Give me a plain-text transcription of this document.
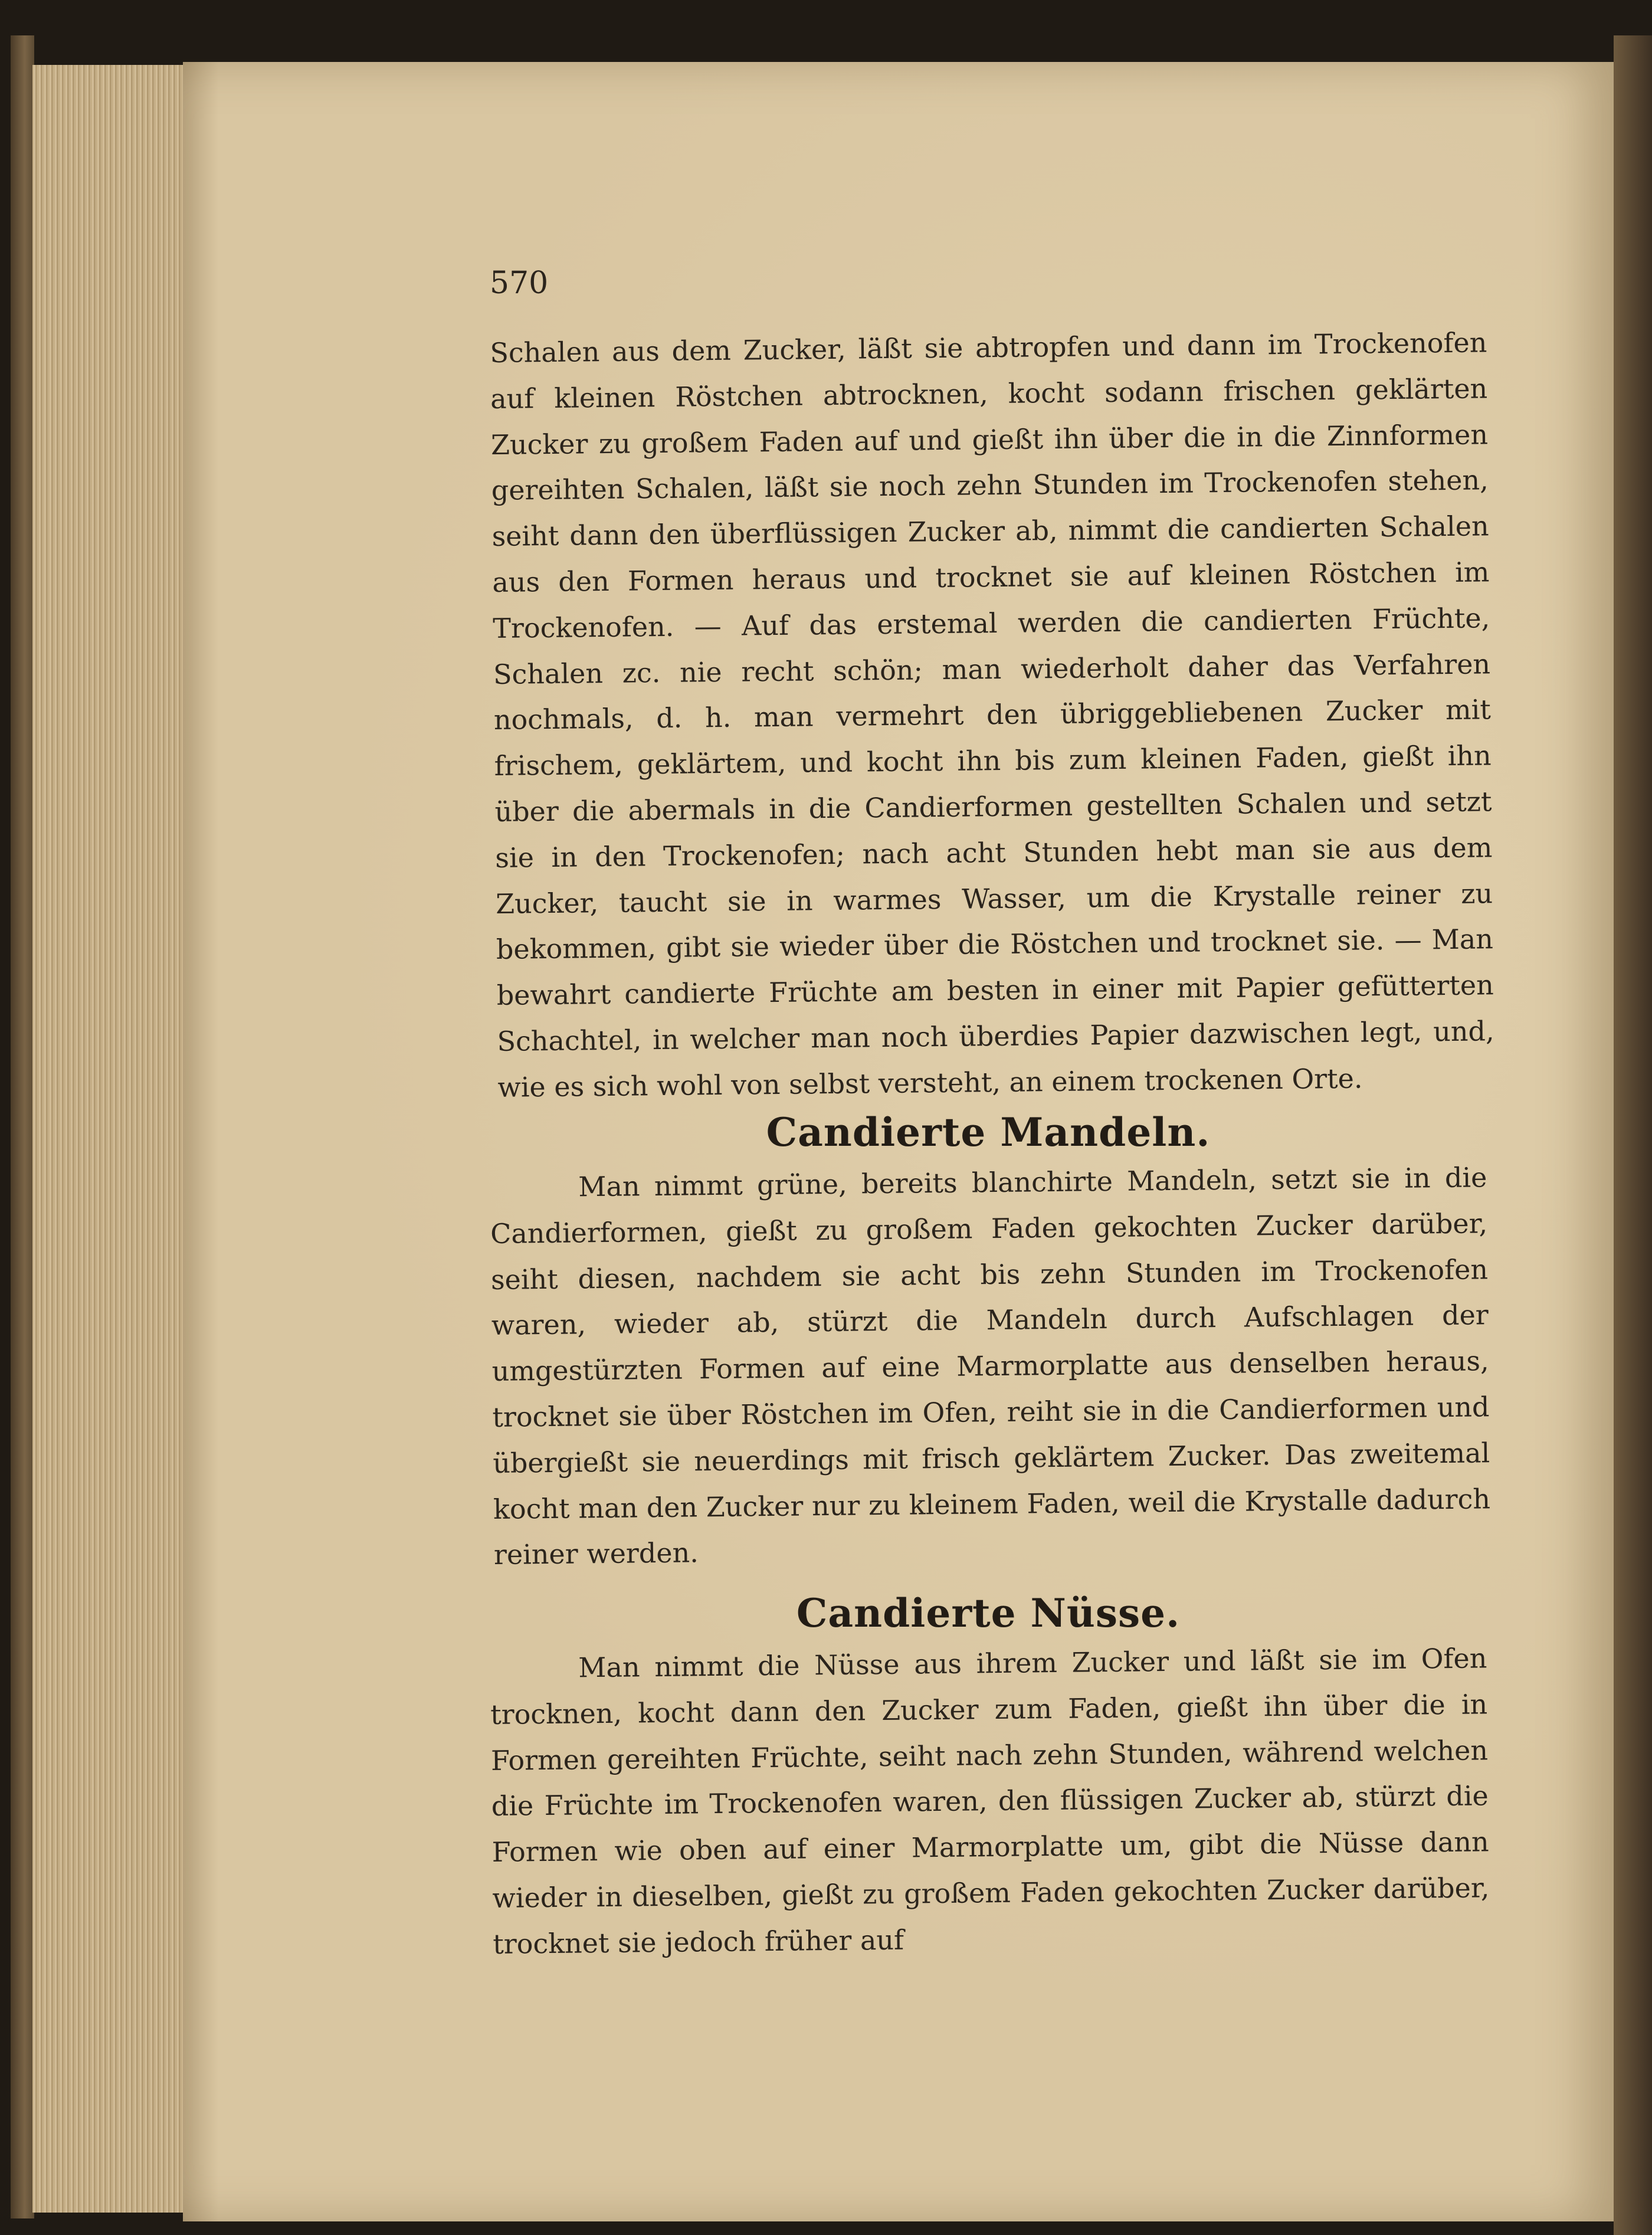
570

Schalen aus dem Zucker, läßt sie abtropfen und dann im Trockenofen auf kleinen Röstchen abtrocknen, kocht sodann frischen geklärten Zucker zu großem Faden auf und gießt ihn über die in die Zinnformen gereihten Schalen, läßt sie noch zehn Stunden im Trockenofen stehen, seiht dann den überflüssigen Zucker ab, nimmt die candierten Schalen aus den Formen heraus und trocknet sie auf kleinen Röstchen im Trockenofen. — Auf das erstemal werden die candierten Früchte, Schalen zc. nie recht schön; man wiederholt daher das Verfahren nochmals, d. h. man vermehrt den übriggebliebenen Zucker mit frischem, geklärtem, und kocht ihn bis zum kleinen Faden, gießt ihn über die abermals in die Candierformen gestellten Schalen und setzt sie in den Trockenofen; nach acht Stunden hebt man sie aus dem Zucker, taucht sie in warmes Wasser, um die Krystalle reiner zu bekommen, gibt sie wieder über die Röstchen und trocknet sie. — Man bewahrt candierte Früchte am besten in einer mit Papier gefütterten Schachtel, in welcher man noch überdies Papier dazwischen legt, und, wie es sich wohl von selbst versteht, an einem trockenen Orte.

Candierte Mandeln.

Man nimmt grüne, bereits blanchirte Mandeln, setzt sie in die Candierformen, gießt zu großem Faden gekochten Zucker darüber, seiht diesen, nachdem sie acht bis zehn Stunden im Trockenofen waren, wieder ab, stürzt die Mandeln durch Aufschlagen der umgestürzten Formen auf eine Marmorplatte aus denselben heraus, trocknet sie über Röstchen im Ofen, reiht sie in die Candierformen und übergießt sie neuerdings mit frisch geklärtem Zucker. Das zweitemal kocht man den Zucker nur zu kleinem Faden, weil die Krystalle dadurch reiner werden.

Candierte Nüsse.

Man nimmt die Nüsse aus ihrem Zucker und läßt sie im Ofen trocknen, kocht dann den Zucker zum Faden, gießt ihn über die in Formen gereihten Früchte, seiht nach zehn Stunden, während welchen die Früchte im Trockenofen waren, den flüssigen Zucker ab, stürzt die Formen wie oben auf einer Marmorplatte um, gibt die Nüsse dann wieder in dieselben, gießt zu großem Faden gekochten Zucker darüber, trocknet sie jedoch früher auf
